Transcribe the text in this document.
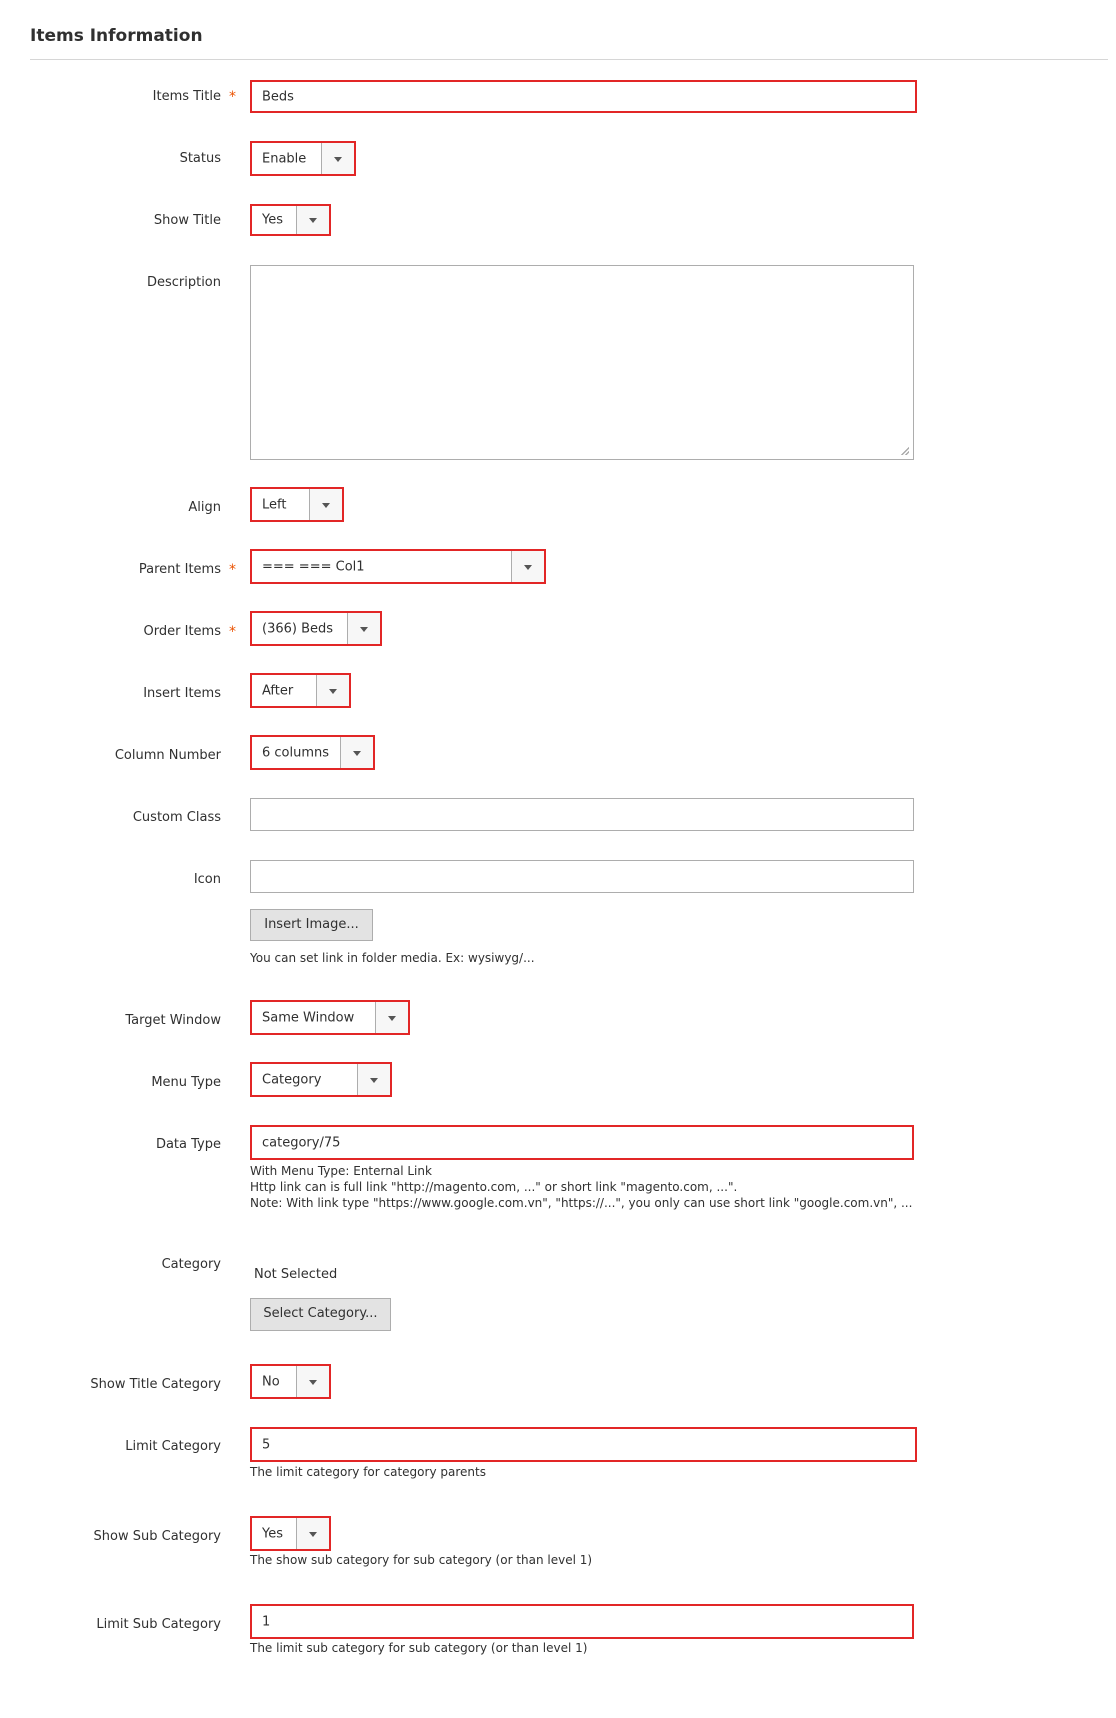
Items Information
Items Title * Beds
Status	Enable
Show Title	Yes
Description
Align	Left
Parent Items * === === Col1
Order Items * (366) Beds
Insert Items	After
Column Number	6 columns
Custom Class
Icon
Insert Image...
You can set link in folder media. Ex: wysiwyg/...
Target Window	Same Window
Menu Type	Category
Data Type	category/75
With Menu Type: Enternal Link
Http link can is full link "http://magento.com, ..." or short link "magento.com, ...".
Note: With link type "https://www.google.com.vn", "https://...", you only can use short link "google.com.vn", ...
Category
Not Selected
Select Category...
Show Title Category	No
Limit Category	5
The limit category for category parents
Show Sub Category	Yes
The show sub category for sub category (or than level 1)
Limit Sub Category	1
The limit sub category for sub category (or than level 1)
